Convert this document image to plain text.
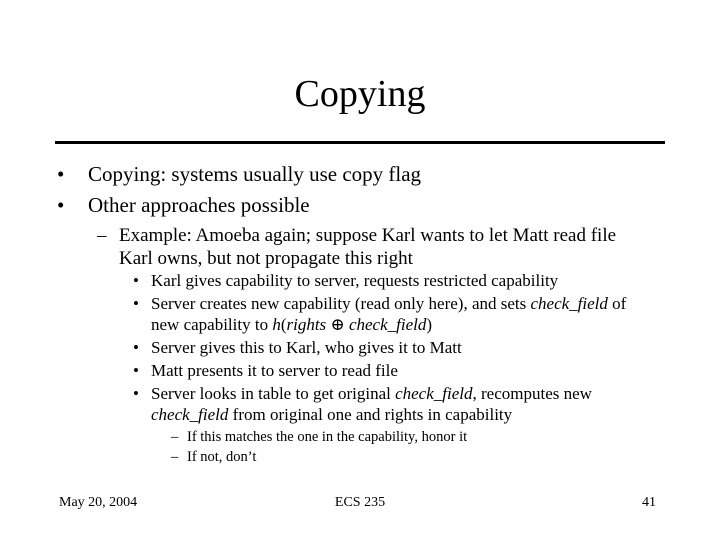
Copying
• Copying: systems usually use copy flag
• Other approaches possible
– Example: Amoeba again; suppose Karl wants to let Matt read file
Karl owns, but not propagate this right
• Karl gives capability to server, requests restricted capability
• Server creates new capability (read only here), and sets check_field of
new capability to h(rights ⊕ check_field)
• Server gives this to Karl, who gives it to Matt
• Matt presents it to server to read file
• Server looks in table to get original check_field, recomputes new
check_field from original one and rights in capability
– If this matches the one in the capability, honor it
– If not, don’t
May 20, 2004	ECS 235	41
